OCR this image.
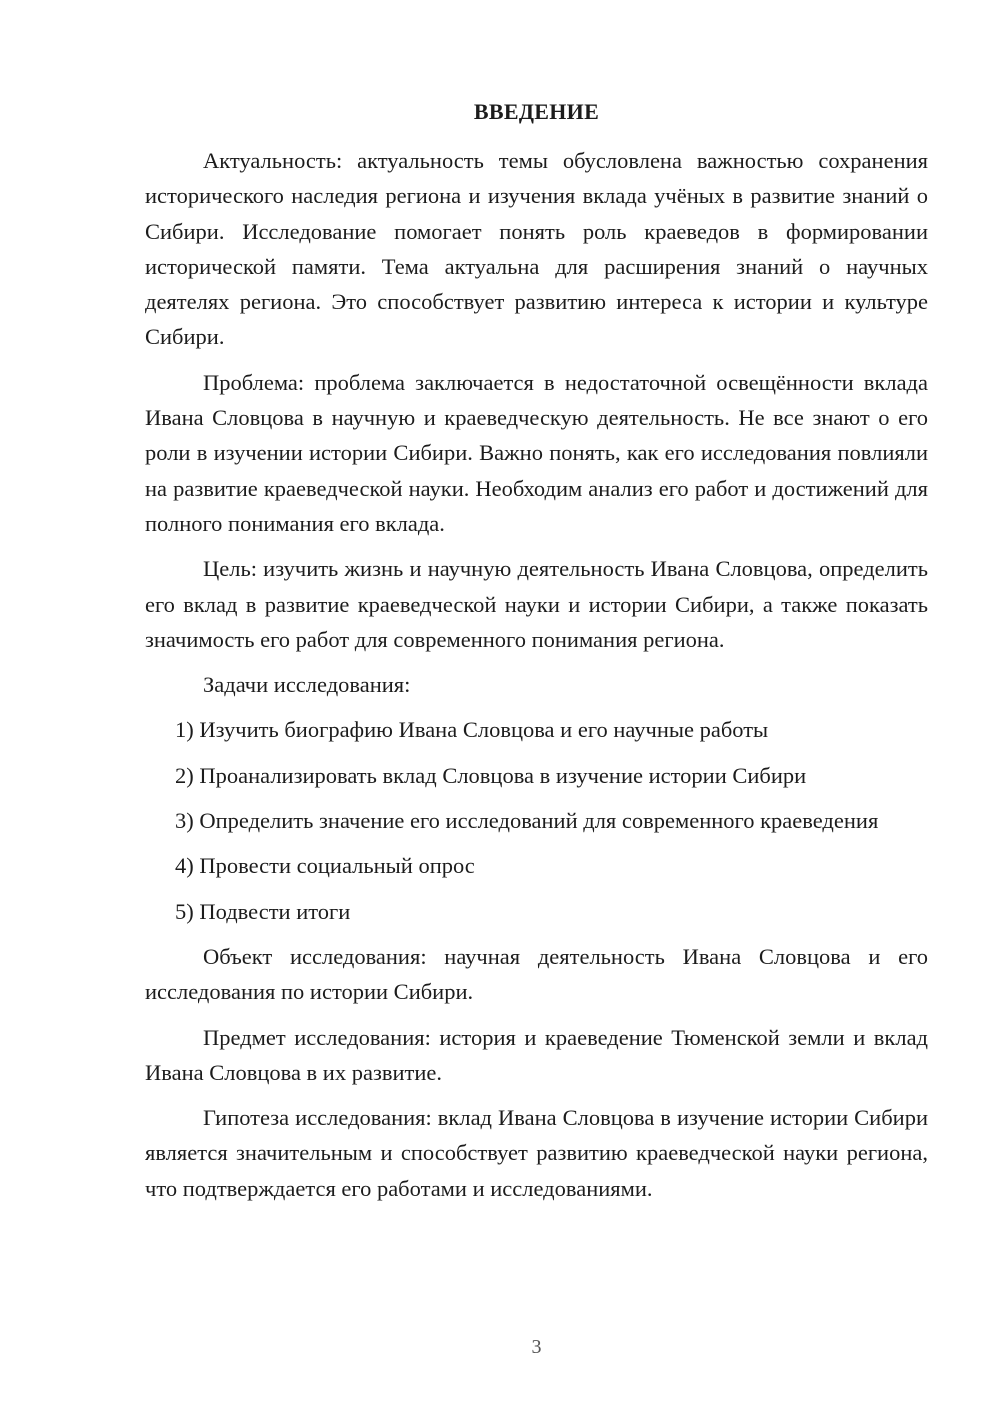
ВВЕДЕНИЕ

Актуальность: актуальность темы обусловлена важностью сохранения исторического наследия региона и изучения вклада учёных в развитие знаний о Сибири. Исследование помогает понять роль краеведов в формировании исторической памяти. Тема актуальна для расширения знаний о научных деятелях региона. Это способствует развитию интереса к истории и культуре Сибири.

Проблема: проблема заключается в недостаточной освещённости вклада Ивана Словцова в научную и краеведческую деятельность. Не все знают о его роли в изучении истории Сибири. Важно понять, как его исследования повлияли на развитие краеведческой науки. Необходим анализ его работ и достижений для полного понимания его вклада.

Цель: изучить жизнь и научную деятельность Ивана Словцова, определить его вклад в развитие краеведческой науки и истории Сибири, а также показать значимость его работ для современного понимания региона.

Задачи исследования:

1) Изучить биографию Ивана Словцова и его научные работы

2) Проанализировать вклад Словцова в изучение истории Сибири

3) Определить значение его исследований для современного краеведения

4) Провести социальный опрос

5) Подвести итоги

Объект исследования: научная деятельность Ивана Словцова и его исследования по истории Сибири.

Предмет исследования: история и краеведение Тюменской земли и вклад Ивана Словцова в их развитие.

Гипотеза исследования: вклад Ивана Словцова в изучение истории Сибири является значительным и способствует развитию краеведческой науки региона, что подтверждается его работами и исследованиями.

3
